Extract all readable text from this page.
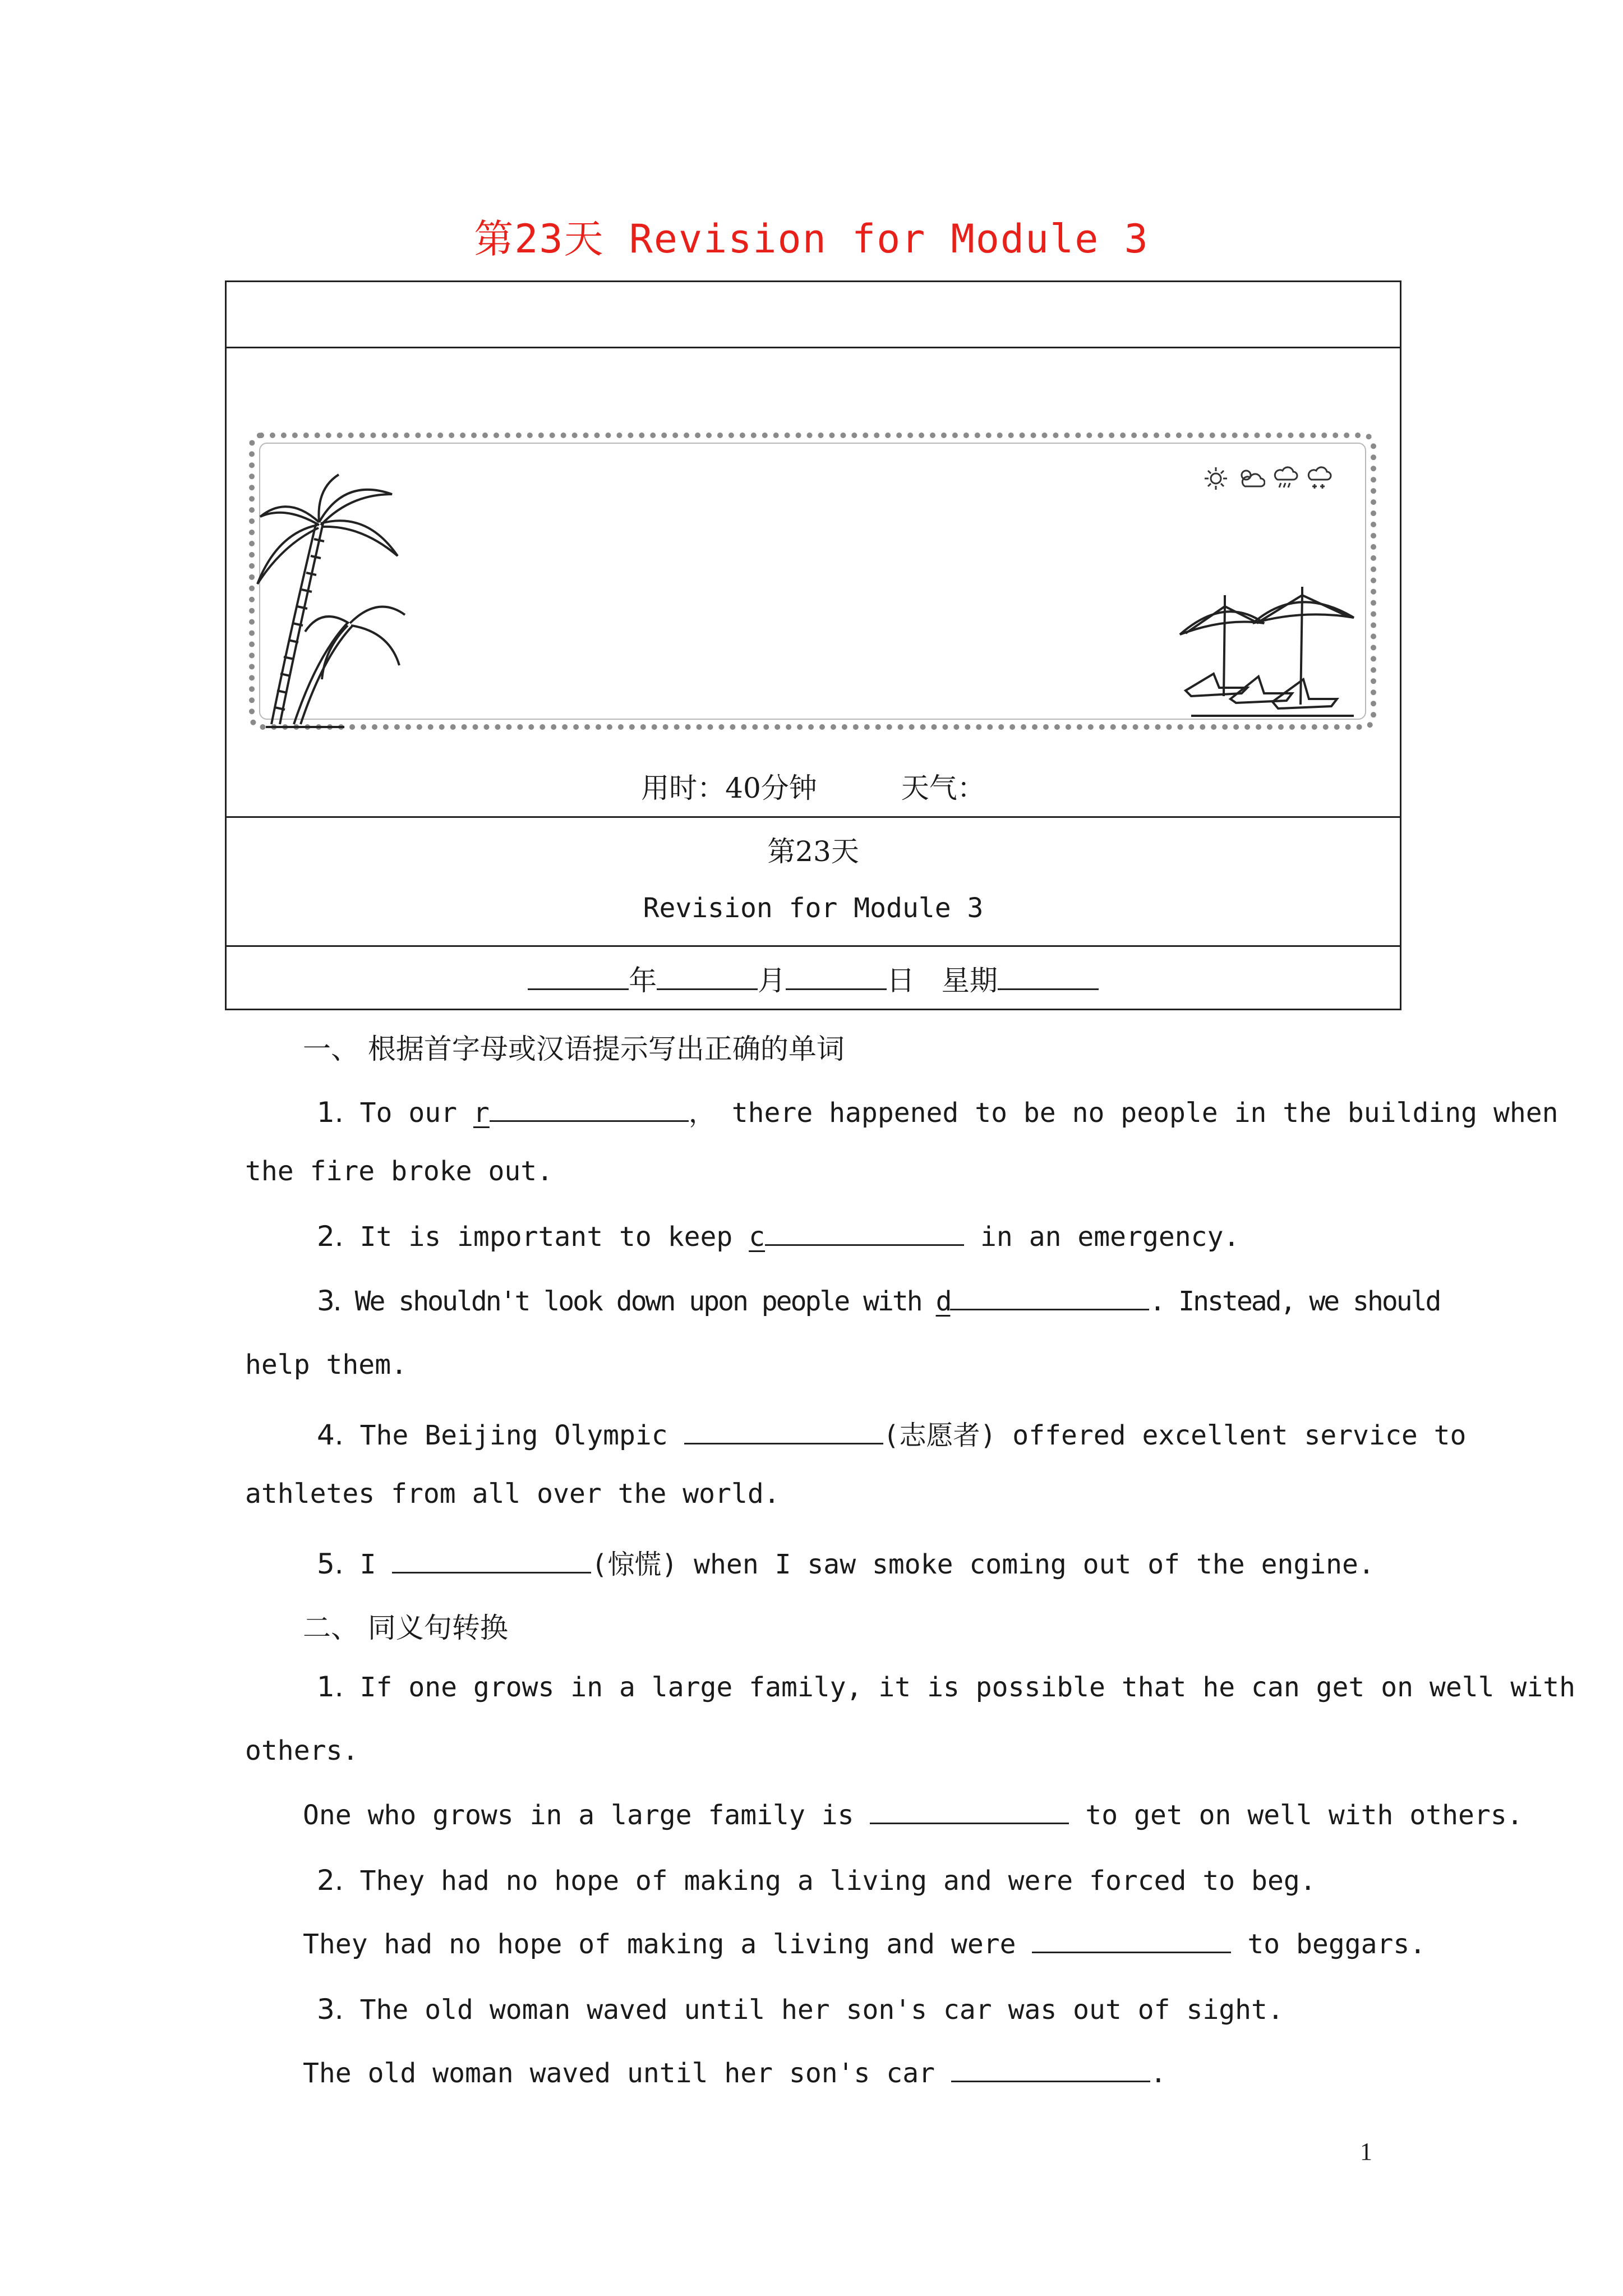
第23天 Revision for Module 3
用时：40分钟　　　天气：
第23天
Revision for Module 3
年	月	日 星期
一、 根据首字母或汉语提示写出正确的单词
1. To our r	， there happened to be no people in the building when
the fire broke out.
2. It is important to keep c	in an emergency.
3. We shouldn't look down upon people with d	. Instead, we should
help them.
4. The Beijing Olympic	(志愿者) offered excellent service to
athletes from all over the world.
5. I	(惊慌) when I saw smoke coming out of the engine.
二、 同义句转换
1. If one grows in a large family, it is possible that he can get on well with
others.
One who grows in a large family is	to get on well with others.
2. They had no hope of making a living and were forced to beg.
They had no hope of making a living and were	to beggars.
3. The old woman waved until her son's car was out of sight.
The old woman waved until her son's car	.
1
